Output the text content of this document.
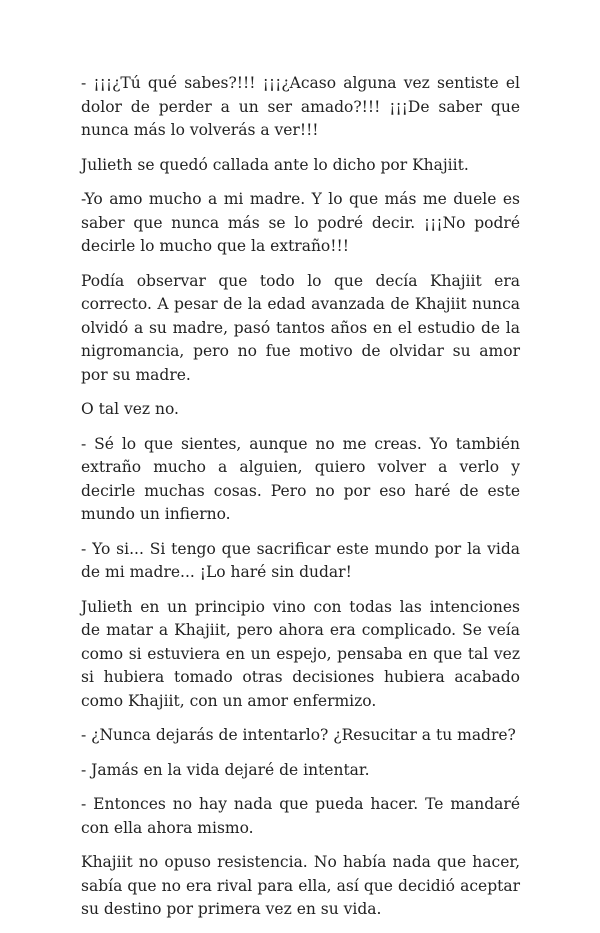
- ¡¡¡¿Tú qué sabes?!!! ¡¡¡¿Acaso alguna vez sentiste el dolor de perder a un ser amado?!!! ¡¡¡De saber que nunca más lo volverás a ver!!!

Julieth se quedó callada ante lo dicho por Khajiit.

-Yo amo mucho a mi madre. Y lo que más me duele es saber que nunca más se lo podré decir. ¡¡¡No podré decirle lo mucho que la extraño!!!

Podía observar que todo lo que decía Khajiit era correcto. A pesar de la edad avanzada de Khajiit nunca olvidó a su madre, pasó tantos años en el estudio de la nigromancia, pero no fue motivo de olvidar su amor por su madre.

O tal vez no.

- Sé lo que sientes, aunque no me creas. Yo también extraño mucho a alguien, quiero volver a verlo y decirle muchas cosas. Pero no por eso haré de este mundo un infierno.

- Yo si... Si tengo que sacrificar este mundo por la vida de mi madre... ¡Lo haré sin dudar!

Julieth en un principio vino con todas las intenciones de matar a Khajiit, pero ahora era complicado. Se veía como si estuviera en un espejo, pensaba en que tal vez si hubiera tomado otras decisiones hubiera acabado como Khajiit, con un amor enfermizo.

- ¿Nunca dejarás de intentarlo? ¿Resucitar a tu madre?

- Jamás en la vida dejaré de intentar.

- Entonces no hay nada que pueda hacer. Te mandaré con ella ahora mismo.

Khajiit no opuso resistencia. No había nada que hacer, sabía que no era rival para ella, así que decidió aceptar su destino por primera vez en su vida.
